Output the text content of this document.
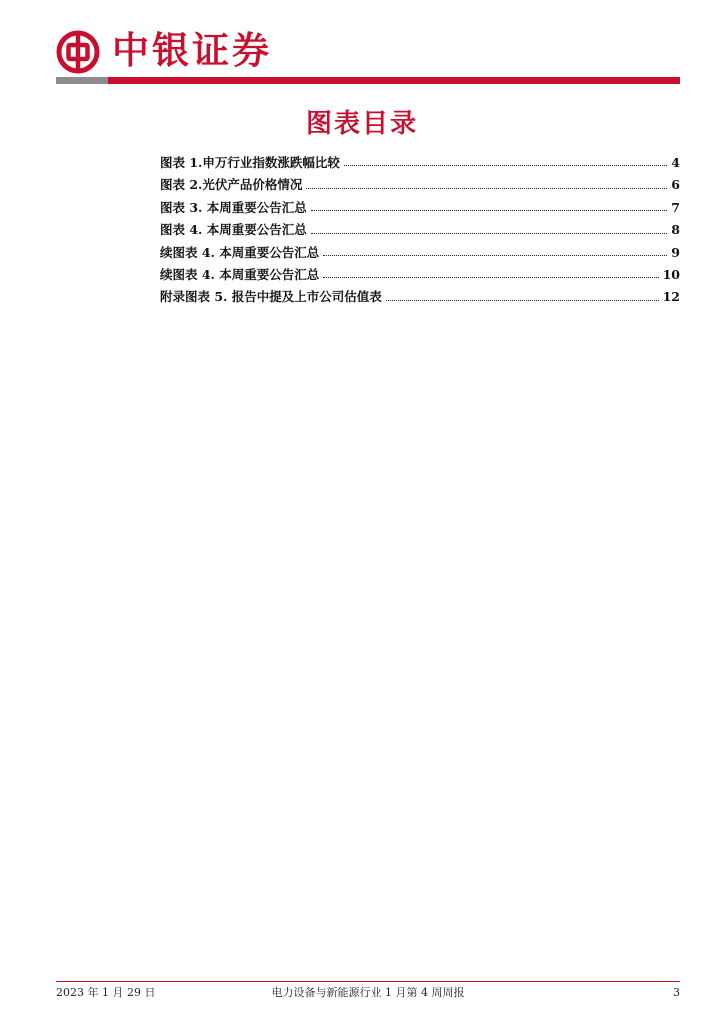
中银证券
图表目录
图表 1.申万行业指数涨跌幅比较	4
图表 2.光伏产品价格情况	6
图表 3. 本周重要公告汇总	7
图表 4. 本周重要公告汇总	8
续图表 4. 本周重要公告汇总	9
续图表 4. 本周重要公告汇总	10
附录图表 5. 报告中提及上市公司估值表	12
2023 年 1 月 29 日	电力设备与新能源行业 1 月第 4 周周报	3
